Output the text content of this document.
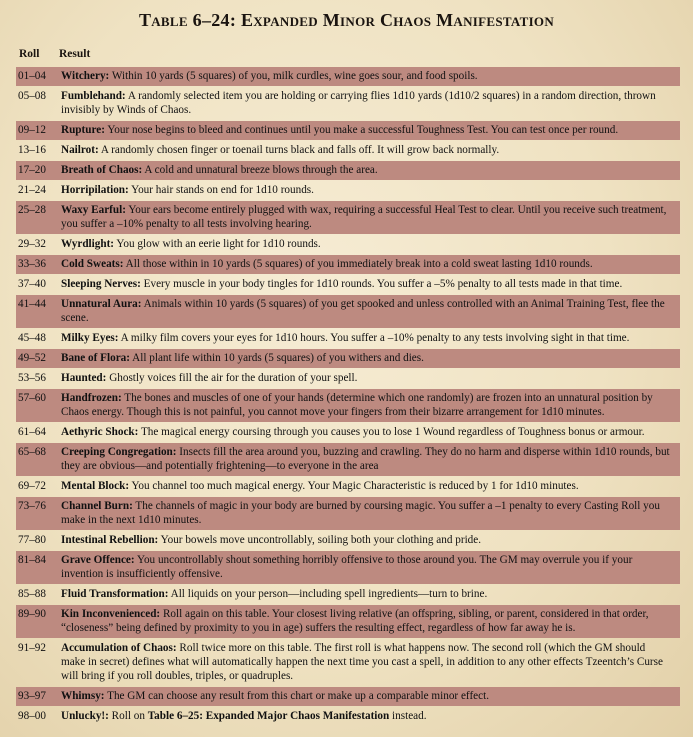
Table 6–24: Expanded Minor Chaos Manifestation
Roll	Result
01–04	Witchery: Within 10 yards (5 squares) of you, milk curdles, wine goes sour, and food spoils.
05–08	Fumblehand: A randomly selected item you are holding or carrying flies 1d10 yards (1d10/2 squares) in a random direction, thrown invisibly by Winds of Chaos.
09–12	Rupture: Your nose begins to bleed and continues until you make a successful Toughness Test. You can test once per round.
13–16	Nailrot: A randomly chosen finger or toenail turns black and falls off. It will grow back normally.
17–20	Breath of Chaos: A cold and unnatural breeze blows through the area.
21–24	Horripilation: Your hair stands on end for 1d10 rounds.
25–28	Waxy Earful: Your ears become entirely plugged with wax, requiring a successful Heal Test to clear. Until you receive such treatment, you suffer a –10% penalty to all tests involving hearing.
29–32	Wyrdlight: You glow with an eerie light for 1d10 rounds.
33–36	Cold Sweats: All those within in 10 yards (5 squares) of you immediately break into a cold sweat lasting 1d10 rounds.
37–40	Sleeping Nerves: Every muscle in your body tingles for 1d10 rounds. You suffer a –5% penalty to all tests made in that time.
41–44	Unnatural Aura: Animals within 10 yards (5 squares) of you get spooked and unless controlled with an Animal Training Test, flee the scene.
45–48	Milky Eyes: A milky film covers your eyes for 1d10 hours. You suffer a –10% penalty to any tests involving sight in that time.
49–52	Bane of Flora: All plant life within 10 yards (5 squares) of you withers and dies.
53–56	Haunted: Ghostly voices fill the air for the duration of your spell.
57–60	Handfrozen: The bones and muscles of one of your hands (determine which one randomly) are frozen into an unnatural position by Chaos energy. Though this is not painful, you cannot move your fingers from their bizarre arrangement for 1d10 minutes.
61–64	Aethyric Shock: The magical energy coursing through you causes you to lose 1 Wound regardless of Toughness bonus or armour.
65–68	Creeping Congregation: Insects fill the area around you, buzzing and crawling. They do no harm and disperse within 1d10 rounds, but they are obvious—and potentially frightening—to everyone in the area
69–72	Mental Block: You channel too much magical energy. Your Magic Characteristic is reduced by 1 for 1d10 minutes.
73–76	Channel Burn: The channels of magic in your body are burned by coursing magic. You suffer a –1 penalty to every Casting Roll you make in the next 1d10 minutes.
77–80	Intestinal Rebellion: Your bowels move uncontrollably, soiling both your clothing and pride.
81–84	Grave Offence: You uncontrollably shout something horribly offensive to those around you. The GM may overrule you if your invention is insufficiently offensive.
85–88	Fluid Transformation: All liquids on your person—including spell ingredients—turn to brine.
89–90	Kin Inconvenienced: Roll again on this table. Your closest living relative (an offspring, sibling, or parent, considered in that order, “closeness” being defined by proximity to you in age) suffers the resulting effect, regardless of how far away he is.
91–92	Accumulation of Chaos: Roll twice more on this table. The first roll is what happens now. The second roll (which the GM should make in secret) defines what will automatically happen the next time you cast a spell, in addition to any other effects Tzeentch’s Curse will bring if you roll doubles, triples, or quadruples.
93–97	Whimsy: The GM can choose any result from this chart or make up a comparable minor effect.
98–00	Unlucky!: Roll on Table 6–25: Expanded Major Chaos Manifestation instead.
